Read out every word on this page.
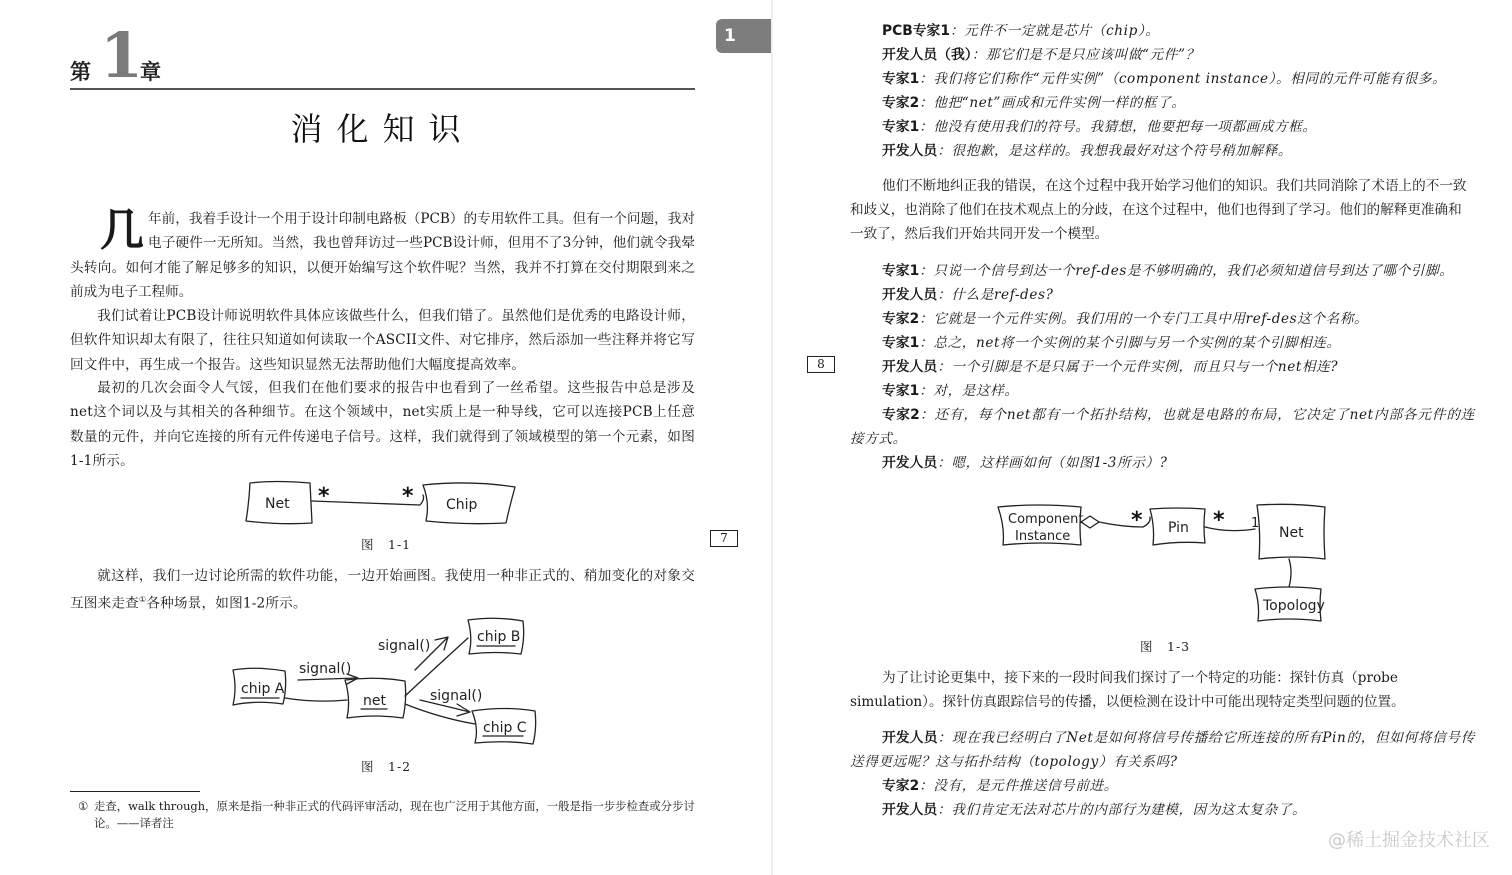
第 1
章
消化知识
几 年前，我着手设计一个用于设计印制电路板（PCB）的专用软件工具。但有一个问题，我对电子硬件一无所知。当然，我也曾拜访过一些PCB设计师，但用不了3分钟，他们就令我晕头转向。如何才能了解足够多的知识，以便开始编写这个软件呢？当然，我并不打算在交付期限到来之前成为电子工程师。
我们试着让PCB设计师说明软件具体应该做些什么，但我们错了。虽然他们是优秀的电路设计师，但软件知识却太有限了，往往只知道如何读取一个ASCII文件、对它排序，然后添加一些注释并将它写回文件中，再生成一个报告。这些知识显然无法帮助他们大幅度提高效率。
最初的几次会面令人气馁，但我们在他们要求的报告中也看到了一丝希望。这些报告中总是涉及net这个词以及与其相关的各种细节。在这个领域中，net实质上是一种导线，它可以连接PCB上任意数量的元件，并向它连接的所有元件传递电子信号。这样，我们就得到了领域模型的第一个元素，如图1-1所示。
Net *	* Chip
图　1-1	7
就这样，我们一边讨论所需的软件功能，一边开始画图。我使用一种非正式的、稍加变化的对象交互图来走查①各种场景，如图1-2所示。
chip A
net
chip B
chip C
signal()
signal()
signal()
图　1-2
① 走查，walk through，原来是指一种非正式的代码评审活动，现在也广泛用于其他方面，一般是指一步步检查或分步讨论。——译者注
1	PCB专家1：元件不一定就是芯片（chip）。
开发人员（我）：那它们是不是只应该叫做“元件”？
专家1：我们将它们称作“元件实例”（component instance）。相同的元件可能有很多。
专家2：他把“net”画成和元件实例一样的框了。
专家1：他没有使用我们的符号。我猜想，他要把每一项都画成方框。
开发人员：很抱歉，是这样的。我想我最好对这个符号稍加解释。
他们不断地纠正我的错误，在这个过程中我开始学习他们的知识。我们共同消除了术语上的不一致和歧义，也消除了他们在技术观点上的分歧，在这个过程中，他们也得到了学习。他们的解释更准确和一致了，然后我们开始共同开发一个模型。
专家1：只说一个信号到达一个ref-des是不够明确的，我们必须知道信号到达了哪个引脚。
开发人员：什么是ref-des?
专家2：它就是一个元件实例。我们用的一个专门工具中用ref-des这个名称。
专家1：总之，net将一个实例的某个引脚与另一个实例的某个引脚相连。
开发人员：一个引脚是不是只属于一个元件实例，而且只与一个net相连?
专家1：对，是这样。
专家2：还有，每个net都有一个拓扑结构，也就是电路的布局，它决定了net内部各元件的连接方式。
开发人员：嗯，这样画如何（如图1-3所示）?
8
Component
Instance
* Pin * 1
Net
Topology
图　1-3
为了让讨论更集中，接下来的一段时间我们探讨了一个特定的功能：探针仿真（probe simulation）。探针仿真跟踪信号的传播，以便检测在设计中可能出现特定类型问题的位置。
开发人员：现在我已经明白了Net是如何将信号传播给它所连接的所有Pin的，但如何将信号传送得更远呢？这与拓扑结构（topology）有关系吗?
专家2：没有，是元件推送信号前进。
开发人员：我们肯定无法对芯片的内部行为建模，因为这太复杂了。
@稀土掘金技术社区
